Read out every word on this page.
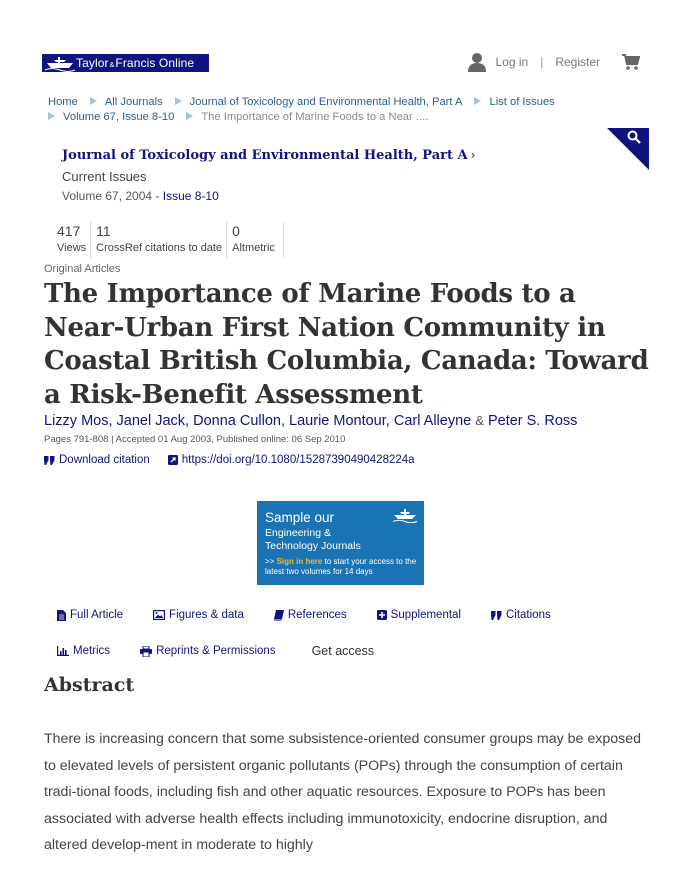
Taylor&Francis Online	Log in | Register
Home All Journals Journal of Toxicology and Environmental Health, Part A List of Issues
Volume 67, Issue 8-10 The Importance of Marine Foods to a Near ....
Journal of Toxicology and Environmental Health, Part A ›
Current Issues
Volume 67, 2004 - Issue 8-10
417
Views
11
CrossRef citations to date
0
Altmetric
Original Articles
The Importance of Marine Foods to a Near-Urban First Nation Community in Coastal British Columbia, Canada: Toward a Risk-Benefit Assessment
Lizzy Mos, Janel Jack, Donna Cullon, Laurie Montour, Carl Alleyne & Peter S. Ross
Pages 791-808 | Accepted 01 Aug 2003, Published online: 06 Sep 2010
Download citation	https://doi.org/10.1080/15287390490428224a
Sample our
Engineering & Technology Journals
>> Sign in here to start your access to the latest two volumes for 14 days
Full Article	Figures & data	References	Supplemental	Citations
Metrics	Reprints & Permissions	Get access
Abstract

There is increasing concern that some subsistence-oriented consumer groups may be exposed to elevated levels of persistent organic pollutants (POPs) through the consumption of certain tradi-tional foods, including fish and other aquatic resources. Exposure to POPs has been associated with adverse health effects including immunotoxicity, endocrine disruption, and altered develop-ment in moderate to highly
